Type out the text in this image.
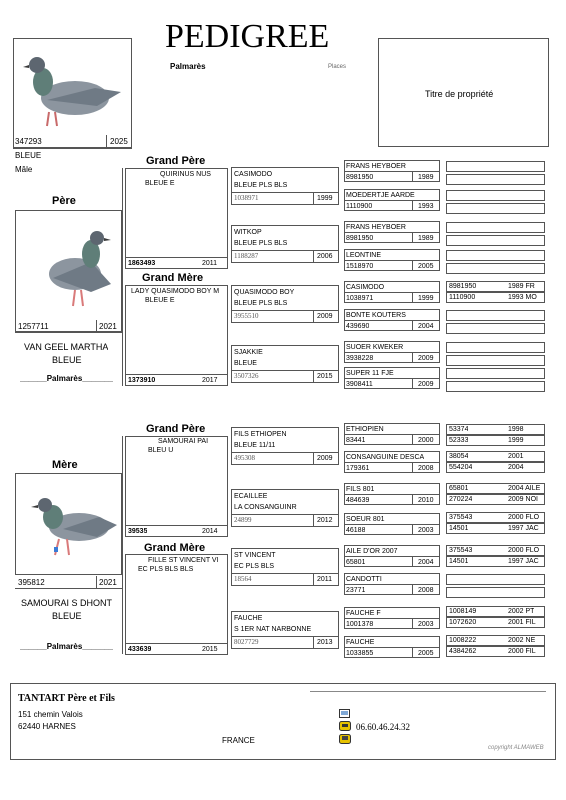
PEDIGREE
Palmarès	Places
Titre de propriété
347293	2025
BLEUE
Mâle
Père
1257711	2021
VAN GEEL MARTHA
BLEUE
______Palmarès_______
Grand Père
QUIRINUS NUS
BLEUE E
1863493	2011
Grand Mère
LADY QUASIMODO BOY M
BLEUE E
1373910	2017
CASIMODO
BLEUE PLS BLS
1038971	1999
WITKOP
BLEUE PLS BLS
1188287	2006
QUASIMODO BOY
BLEUE PLS BLS
3955510	2009
SJAKKIE
BLEUE
3507326	2015
FRANS HEYBOER
8981950	1989
MOEDERTJE AARDE
1110900	1993
FRANS HEYBOER
8981950	1989
LEONTINE
1518970	2005
CASIMODO
1038971	1999
BONTE KOUTERS
439690	2004
SUOER KWEKER
3938228	2009
SUPER 11 FJE
3908411	2009
8981950	1989 FR
1110900	1993 MO
Mère
395812	2021
SAMOURAI S DHONT
BLEUE
______Palmarès_______
Grand Père
SAMOURAI PAI
BLEU U
39535	2014
Grand Mère
FILLE ST VINCENT VI
EC PLS BLS BLS
433639	2015
FILS ETHIOPEN
BLEUE 11/11
495308	2009
ECAILLEE
LA CONSANGUINR
24899	2012
ST VINCENT
EC PLS BLS
18564	2011
FAUCHE
S 1ER NAT NARBONNE
8027729	2013
ETHIOPIEN
83441	2000
CONSANGUINE DESCA
179361	2008
FILS 801
484639	2010
SOEUR 801
46188	2003
AILE D'OR 2007
65801	2004
CANDOTTI
23771	2008
FAUCHE F
1001378	2003
FAUCHE
1033855	2005
53374	1998
52333	1999
38054	2001
554204	2004
65801	2004 AILE
270224	2009 NOI
375543	2000 FLO
14501	1997 JAC
375543	2000 FLO
14501	1997 JAC
1008149	2002 PT
1072620	2001 FIL
1008222	2002 NE
4384262	2000 FIL
TANTART Père et Fils
151 chemin Valois
62440 HARNES
FRANCE
06.60.46.24.32
copyright ALMAWEB
